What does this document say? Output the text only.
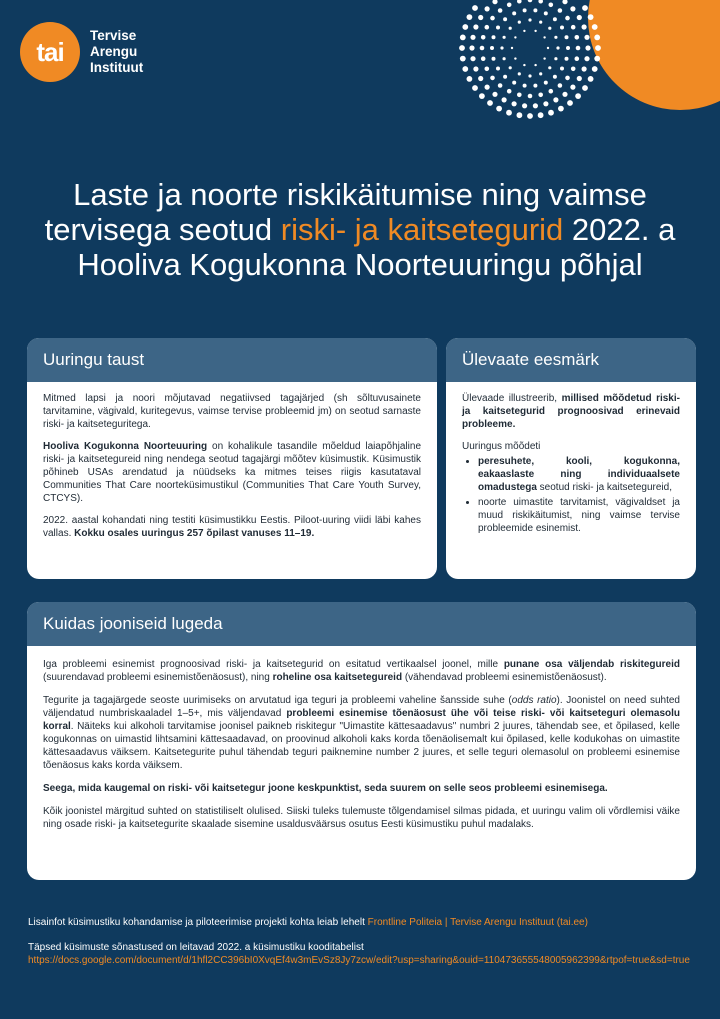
tai
Tervise
Arengu
Instituut
Laste ja noorte riskikäitumise ning vaimse tervisega seotud riski- ja kaitsetegurid 2022. a Hooliva Kogukonna Noorteuuringu põhjal
Uuringu taust

Mitmed lapsi ja noori mõjutavad negatiivsed tagajärjed (sh sõltuvusainete tarvitamine, vägivald, kuritegevus, vaimse tervise probleemid jm) on seotud sarnaste riski- ja kaitseteguritega.

Hooliva Kogukonna Noorteuuring on kohalikule tasandile mõeldud laiapõhjaline riski- ja kaitsetegureid ning nendega seotud tagajärgi mõõtev küsimustik. Küsimustik põhineb USAs arendatud ja nüüdseks ka mitmes teises riigis kasutataval Communities That Care noorteküsimustikul (Communities That Care Youth Survey, CTCYS).

2022. aastal kohandati ning testiti küsimustikku Eestis. Piloot-uuring viidi läbi kahes vallas. Kokku osales uuringus 257 õpilast vanuses 11–19.

Ülevaate eesmärk

Ülevaade illustreerib, millised mõõdetud riski- ja kaitsetegurid prognoosivad erinevaid probleeme.

Uuringus mõõdeti
• peresuhete, kooli, kogukonna, eakaaslaste ning individuaalsete omadustega seotud riski- ja kaitsetegureid,
• noorte uimastite tarvitamist, vägivaldset ja muud riskikäitumist, ning vaimse tervise probleemide esinemist.
Kuidas jooniseid lugeda

Iga probleemi esinemist prognoosivad riski- ja kaitsetegurid on esitatud vertikaalsel joonel, mille punane osa väljendab riskitegureid (suurendavad probleemi esinemistõenäosust), ning roheline osa kaitsetegureid (vähendavad probleemi esinemistõenäosust).

Tegurite ja tagajärgede seoste uurimiseks on arvutatud iga teguri ja probleemi vaheline šansside suhe (odds ratio). Joonistel on need suhted väljendatud numbriskaaladel 1–5+, mis väljendavad probleemi esinemise tõenäosust ühe või teise riski- või kaitseteguri olemasolu korral. Näiteks kui alkoholi tarvitamise joonisel paikneb riskitegur "Uimastite kättesaadavus" numbri 2 juures, tähendab see, et õpilased, kelle kogukonnas on uimastid lihtsamini kättesaadavad, on proovinud alkoholi kaks korda tõenäolisemalt kui õpilased, kelle kodukohas on uimastite kättesaadavus väiksem. Kaitsetegurite puhul tähendab teguri paiknemine number 2 juures, et selle teguri olemasolul on probleemi esinemise tõenäosus kaks korda väiksem.

Seega, mida kaugemal on riski- või kaitsetegur joone keskpunktist, seda suurem on selle seos probleemi esinemisega.

Kõik joonistel märgitud suhted on statistiliselt olulised. Siiski tuleks tulemuste tõlgendamisel silmas pidada, et uuringu valim oli võrdlemisi väike ning osade riski- ja kaitsetegurite skaalade sisemine usaldusväärsus osutus Eesti küsimustiku puhul madalaks.

Lisainfot küsimustiku kohandamise ja piloteerimise projekti kohta leiab lehelt Frontline Politeia | Tervise Arengu Instituut (tai.ee)

Täpsed küsimuste sõnastused on leitavad 2022. a küsimustiku kooditabelist
https://docs.google.com/document/d/1hfl2CC396bI0XvqEf4w3mEvSz8Jy7zcw/edit?usp=sharing&ouid=110473655548005962399&rtpof=true&sd=true
